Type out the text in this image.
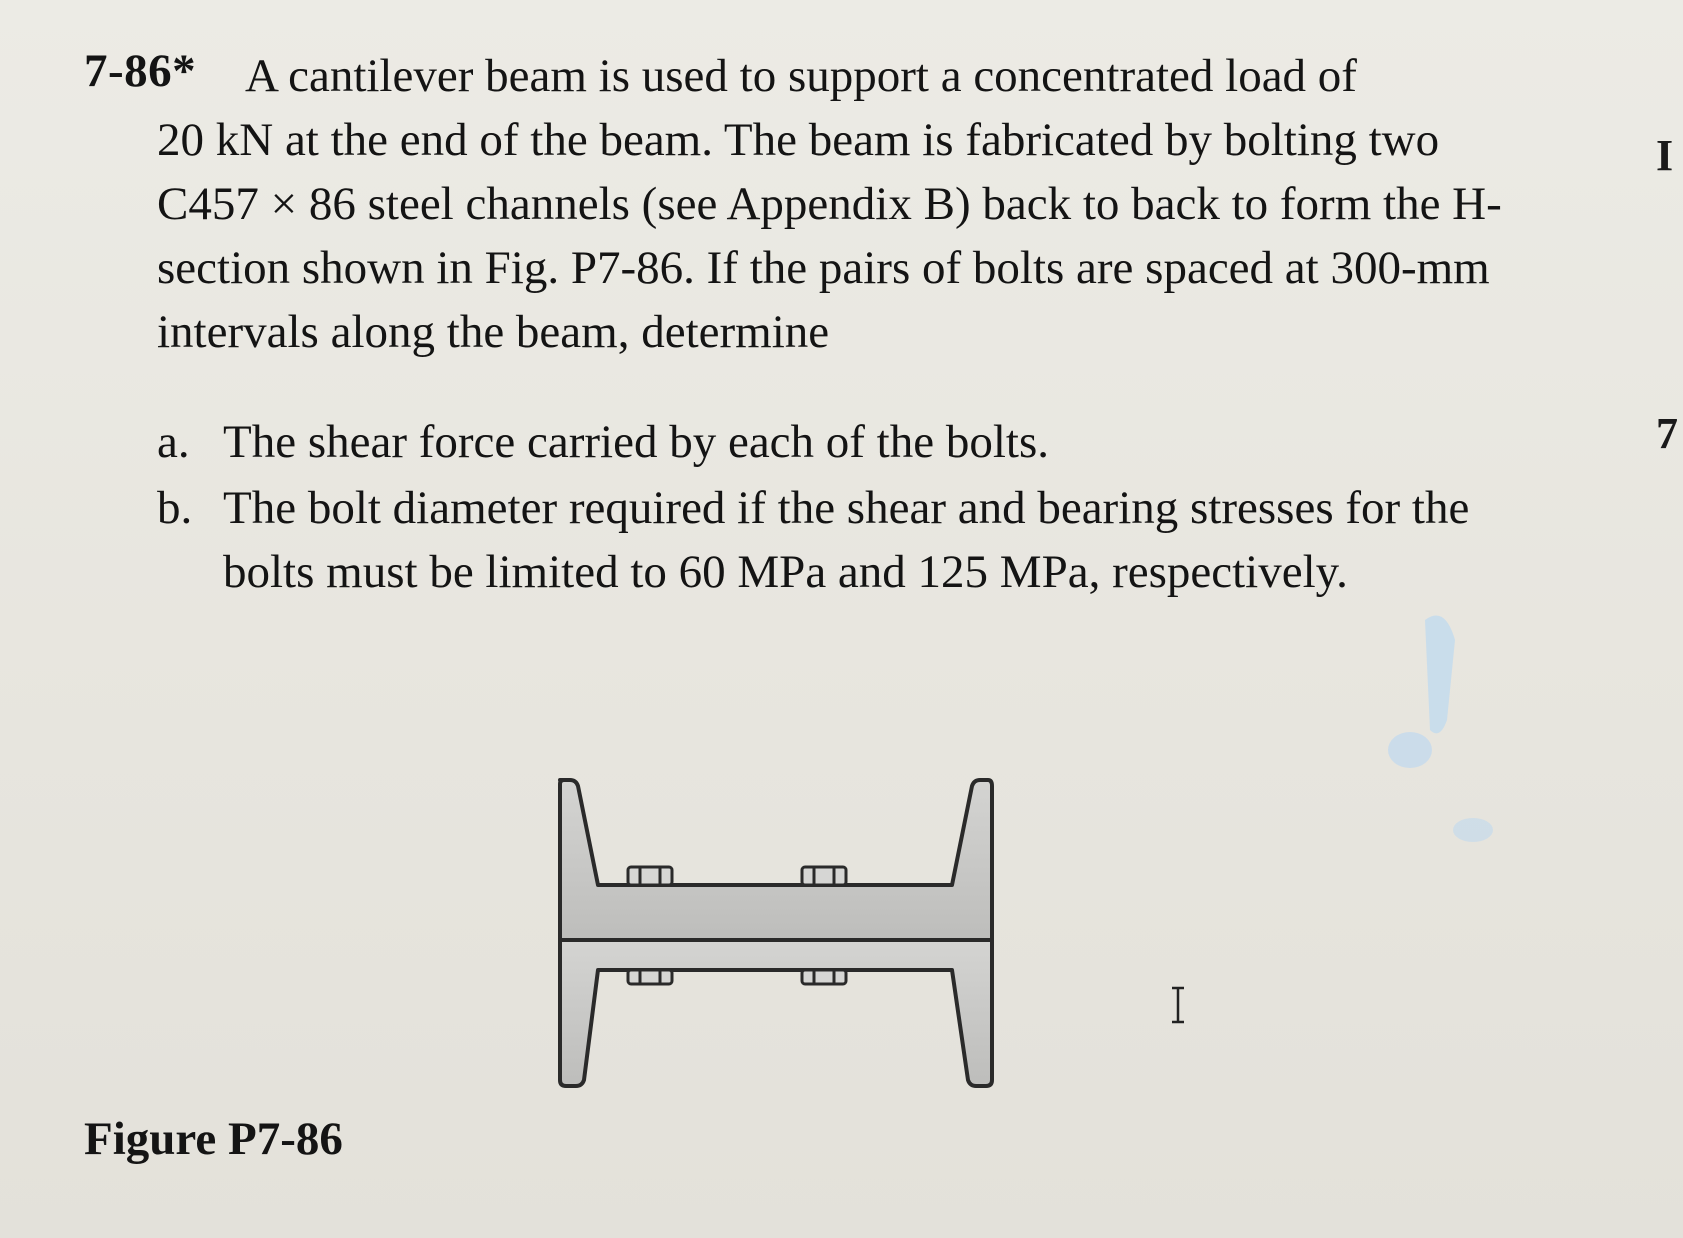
7-86*	A cantilever beam is used to support a concentrated load of
20 kN at the end of the beam. The beam is fabricated by bolting two C457 × 86 steel channels (see Appendix B) back to back to form the H-section shown in Fig. P7-86. If the pairs of bolts are spaced at 300-mm intervals along the beam, determine
a. The shear force carried by each of the bolts.
b. The bolt diameter required if the shear and bearing stresses for the bolts must be limited to 60 MPa and 125 MPa, respectively.
Figure P7-86
I
7
